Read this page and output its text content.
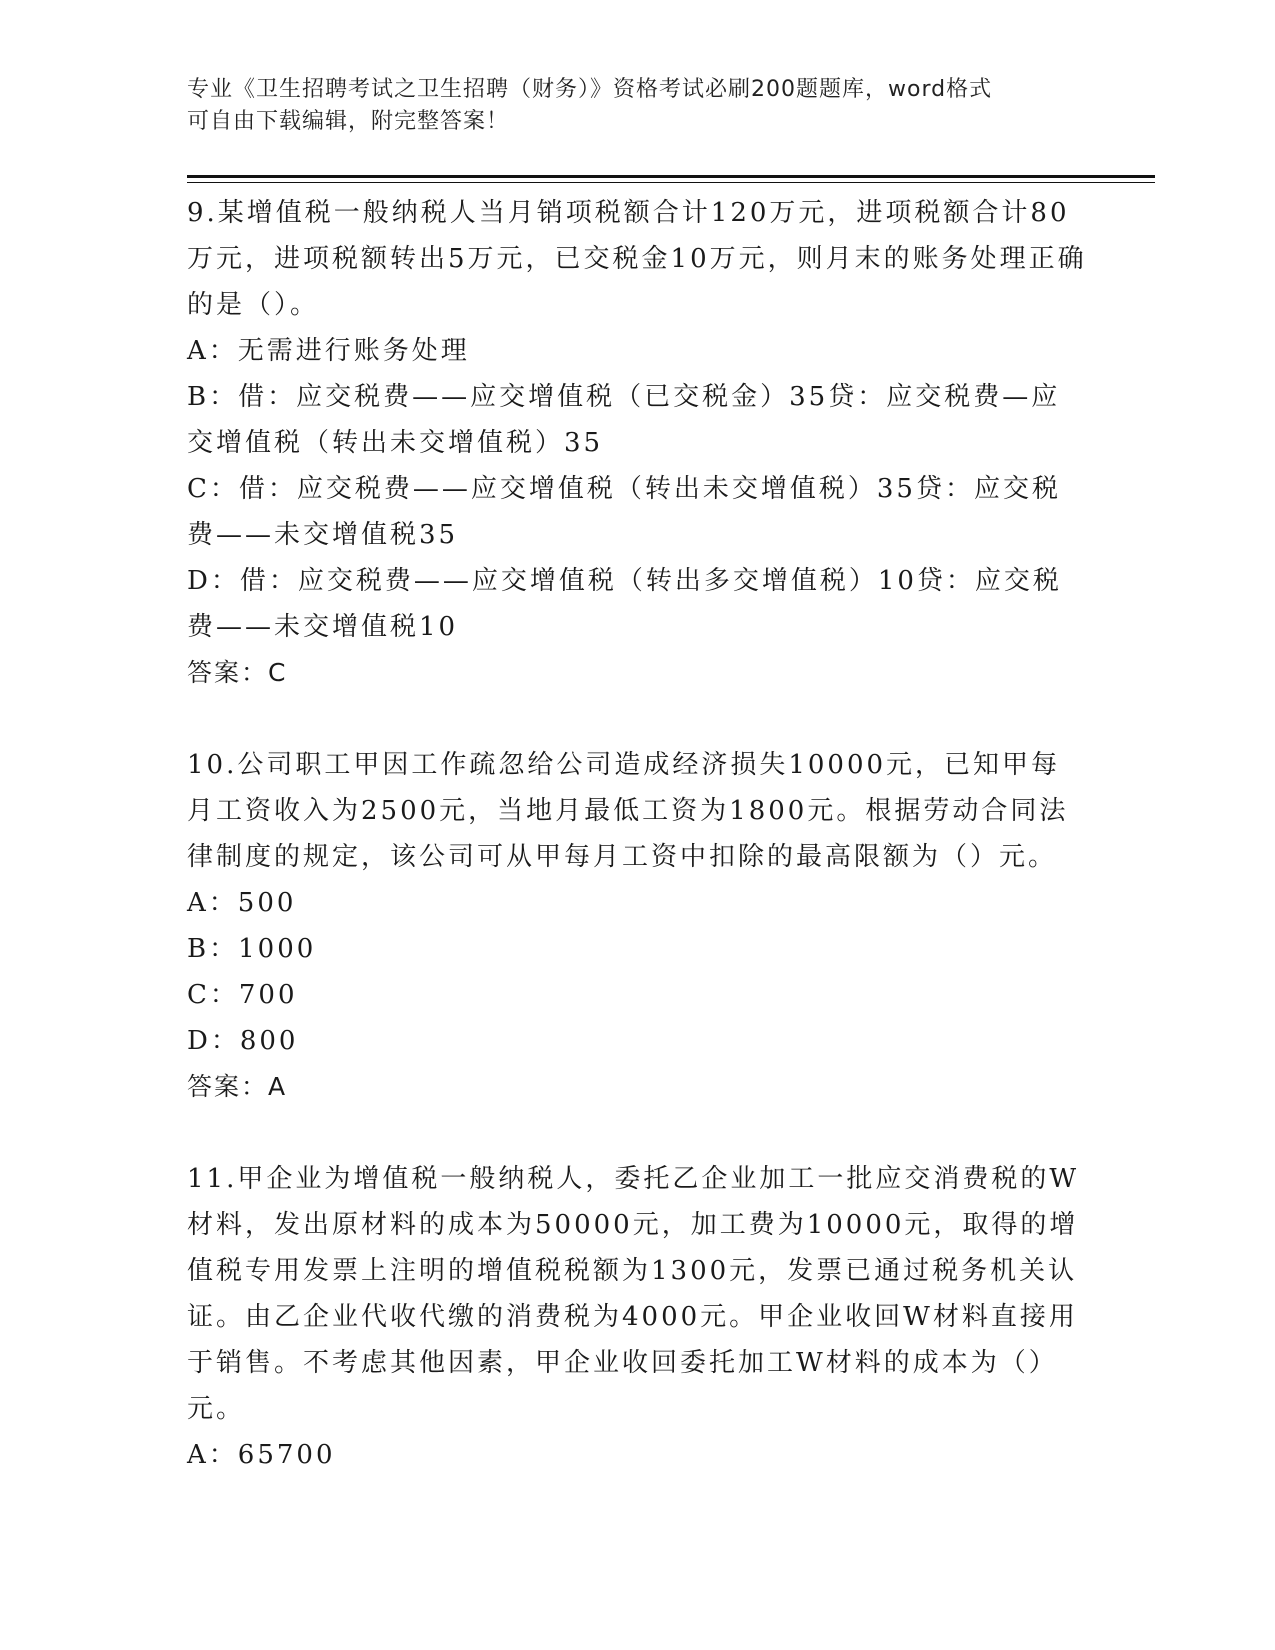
专业《卫生招聘考试之卫生招聘（财务）》资格考试必刷200题题库，word格式
可自由下载编辑，附完整答案！

9.某增值税一般纳税人当月销项税额合计120万元，进项税额合计80万元，进项税额转出5万元，已交税金10万元，则月末的账务处理正确的是（）。

A：无需进行账务处理

B：借：应交税费——应交增值税（已交税金）35贷：应交税费—应交增值税（转出未交增值税）35

C：借：应交税费——应交增值税（转出未交增值税）35贷：应交税费——未交增值税35

D：借：应交税费——应交增值税（转出多交增值税）10贷：应交税费——未交增值税10

答案：C

10.公司职工甲因工作疏忽给公司造成经济损失10000元，已知甲每月工资收入为2500元，当地月最低工资为1800元。根据劳动合同法律制度的规定，该公司可从甲每月工资中扣除的最高限额为（）元。

A：500

B：1000

C：700

D：800

答案：A

11.甲企业为增值税一般纳税人，委托乙企业加工一批应交消费税的W材料，发出原材料的成本为50000元，加工费为10000元，取得的增值税专用发票上注明的增值税税额为1300元，发票已通过税务机关认证。由乙企业代收代缴的消费税为4000元。甲企业收回W材料直接用于销售。不考虑其他因素，甲企业收回委托加工W材料的成本为（）元。

A：65700
